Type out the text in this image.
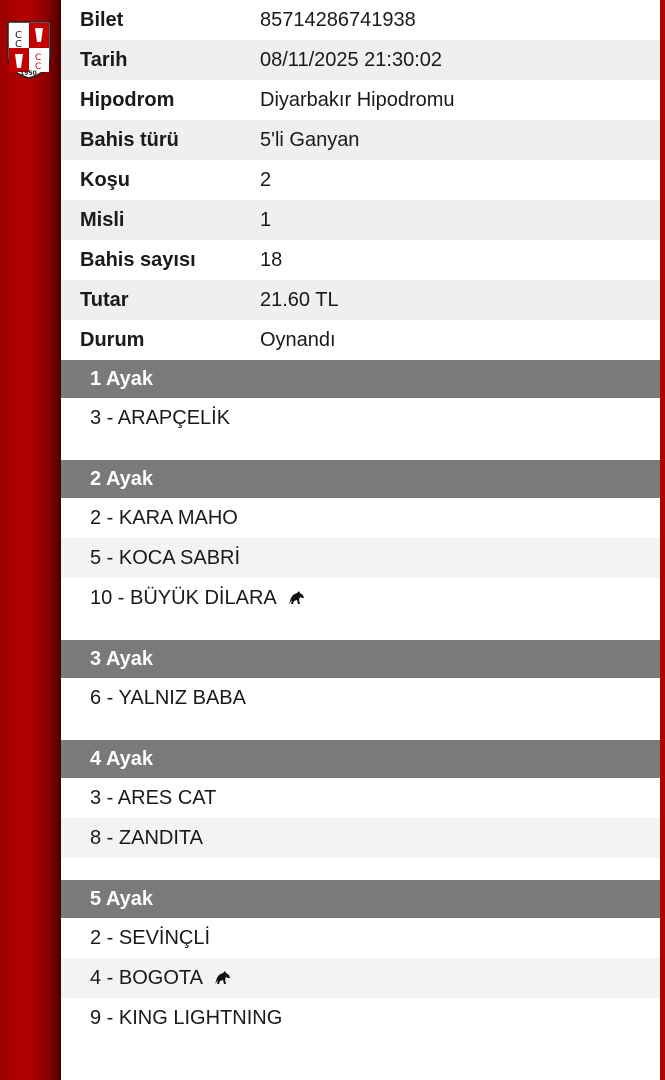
C
C
C
C
1950
Bilet	85714286741938
Tarih	08/11/2025 21:30:02
Hipodrom	Diyarbakır Hipodromu
Bahis türü	5'li Ganyan
Koşu	2
Misli	1
Bahis sayısı	18
Tutar	21.60 TL
Durum	Oynandı
1 Ayak
3 - ARAPÇELİK
2 Ayak
2 - KARA MAHO
5 - KOCA SABRİ
10 - BÜYÜK DİLARA
3 Ayak
6 - YALNIZ BABA
4 Ayak
3 - ARES CAT
8 - ZANDITA
5 Ayak
2 - SEVİNÇLİ
4 - BOGOTA
9 - KING LIGHTNING
